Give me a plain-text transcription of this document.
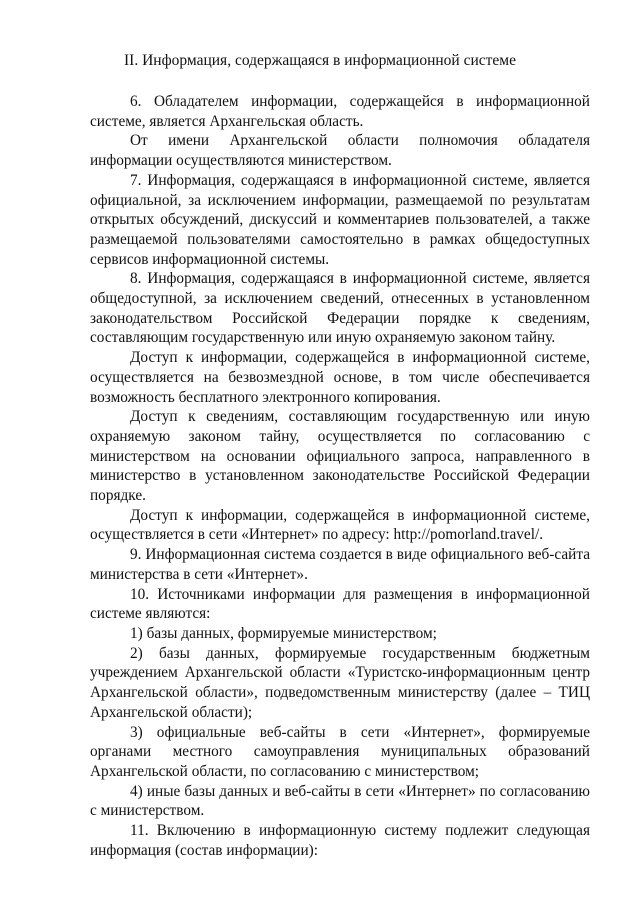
II. Информация, содержащаяся в информационной системе

6. Обладателем информации, содержащейся в информационной системе, является Архангельская область.

От имени Архангельской области полномочия обладателя информации осуществляются министерством.

7. Информация, содержащаяся в информационной системе, является официальной, за исключением информации, размещаемой по результатам открытых обсуждений, дискуссий и комментариев пользователей, а также размещаемой пользователями самостоятельно в рамках общедоступных сервисов информационной системы.

8. Информация, содержащаяся в информационной системе, является общедоступной, за исключением сведений, отнесенных в установленном законодательством Российской Федерации порядке к сведениям, составляющим государственную или иную охраняемую законом тайну.

Доступ к информации, содержащейся в информационной системе, осуществляется на безвозмездной основе, в том числе обеспечивается возможность бесплатного электронного копирования.

Доступ к сведениям, составляющим государственную или иную охраняемую законом тайну, осуществляется по согласованию с министерством на основании официального запроса, направленного в министерство в установленном законодательстве Российской Федерации порядке.

Доступ к информации, содержащейся в информационной системе, осуществляется в сети «Интернет» по адресу: http://pomorland.travel/.

9. Информационная система создается в виде официального веб-сайта министерства в сети «Интернет».

10. Источниками информации для размещения в информационной системе являются:

1) базы данных, формируемые министерством;

2) базы данных, формируемые государственным бюджетным учреждением Архангельской области «Туристско-информационным центр Архангельской области», подведомственным министерству (далее – ТИЦ Архангельской области);

3) официальные веб-сайты в сети «Интернет», формируемые органами местного самоуправления муниципальных образований Архангельской области, по согласованию с министерством;

4) иные базы данных и веб-сайты в сети «Интернет» по согласованию с министерством.

11. Включению в информационную систему подлежит следующая информация (состав информации):
